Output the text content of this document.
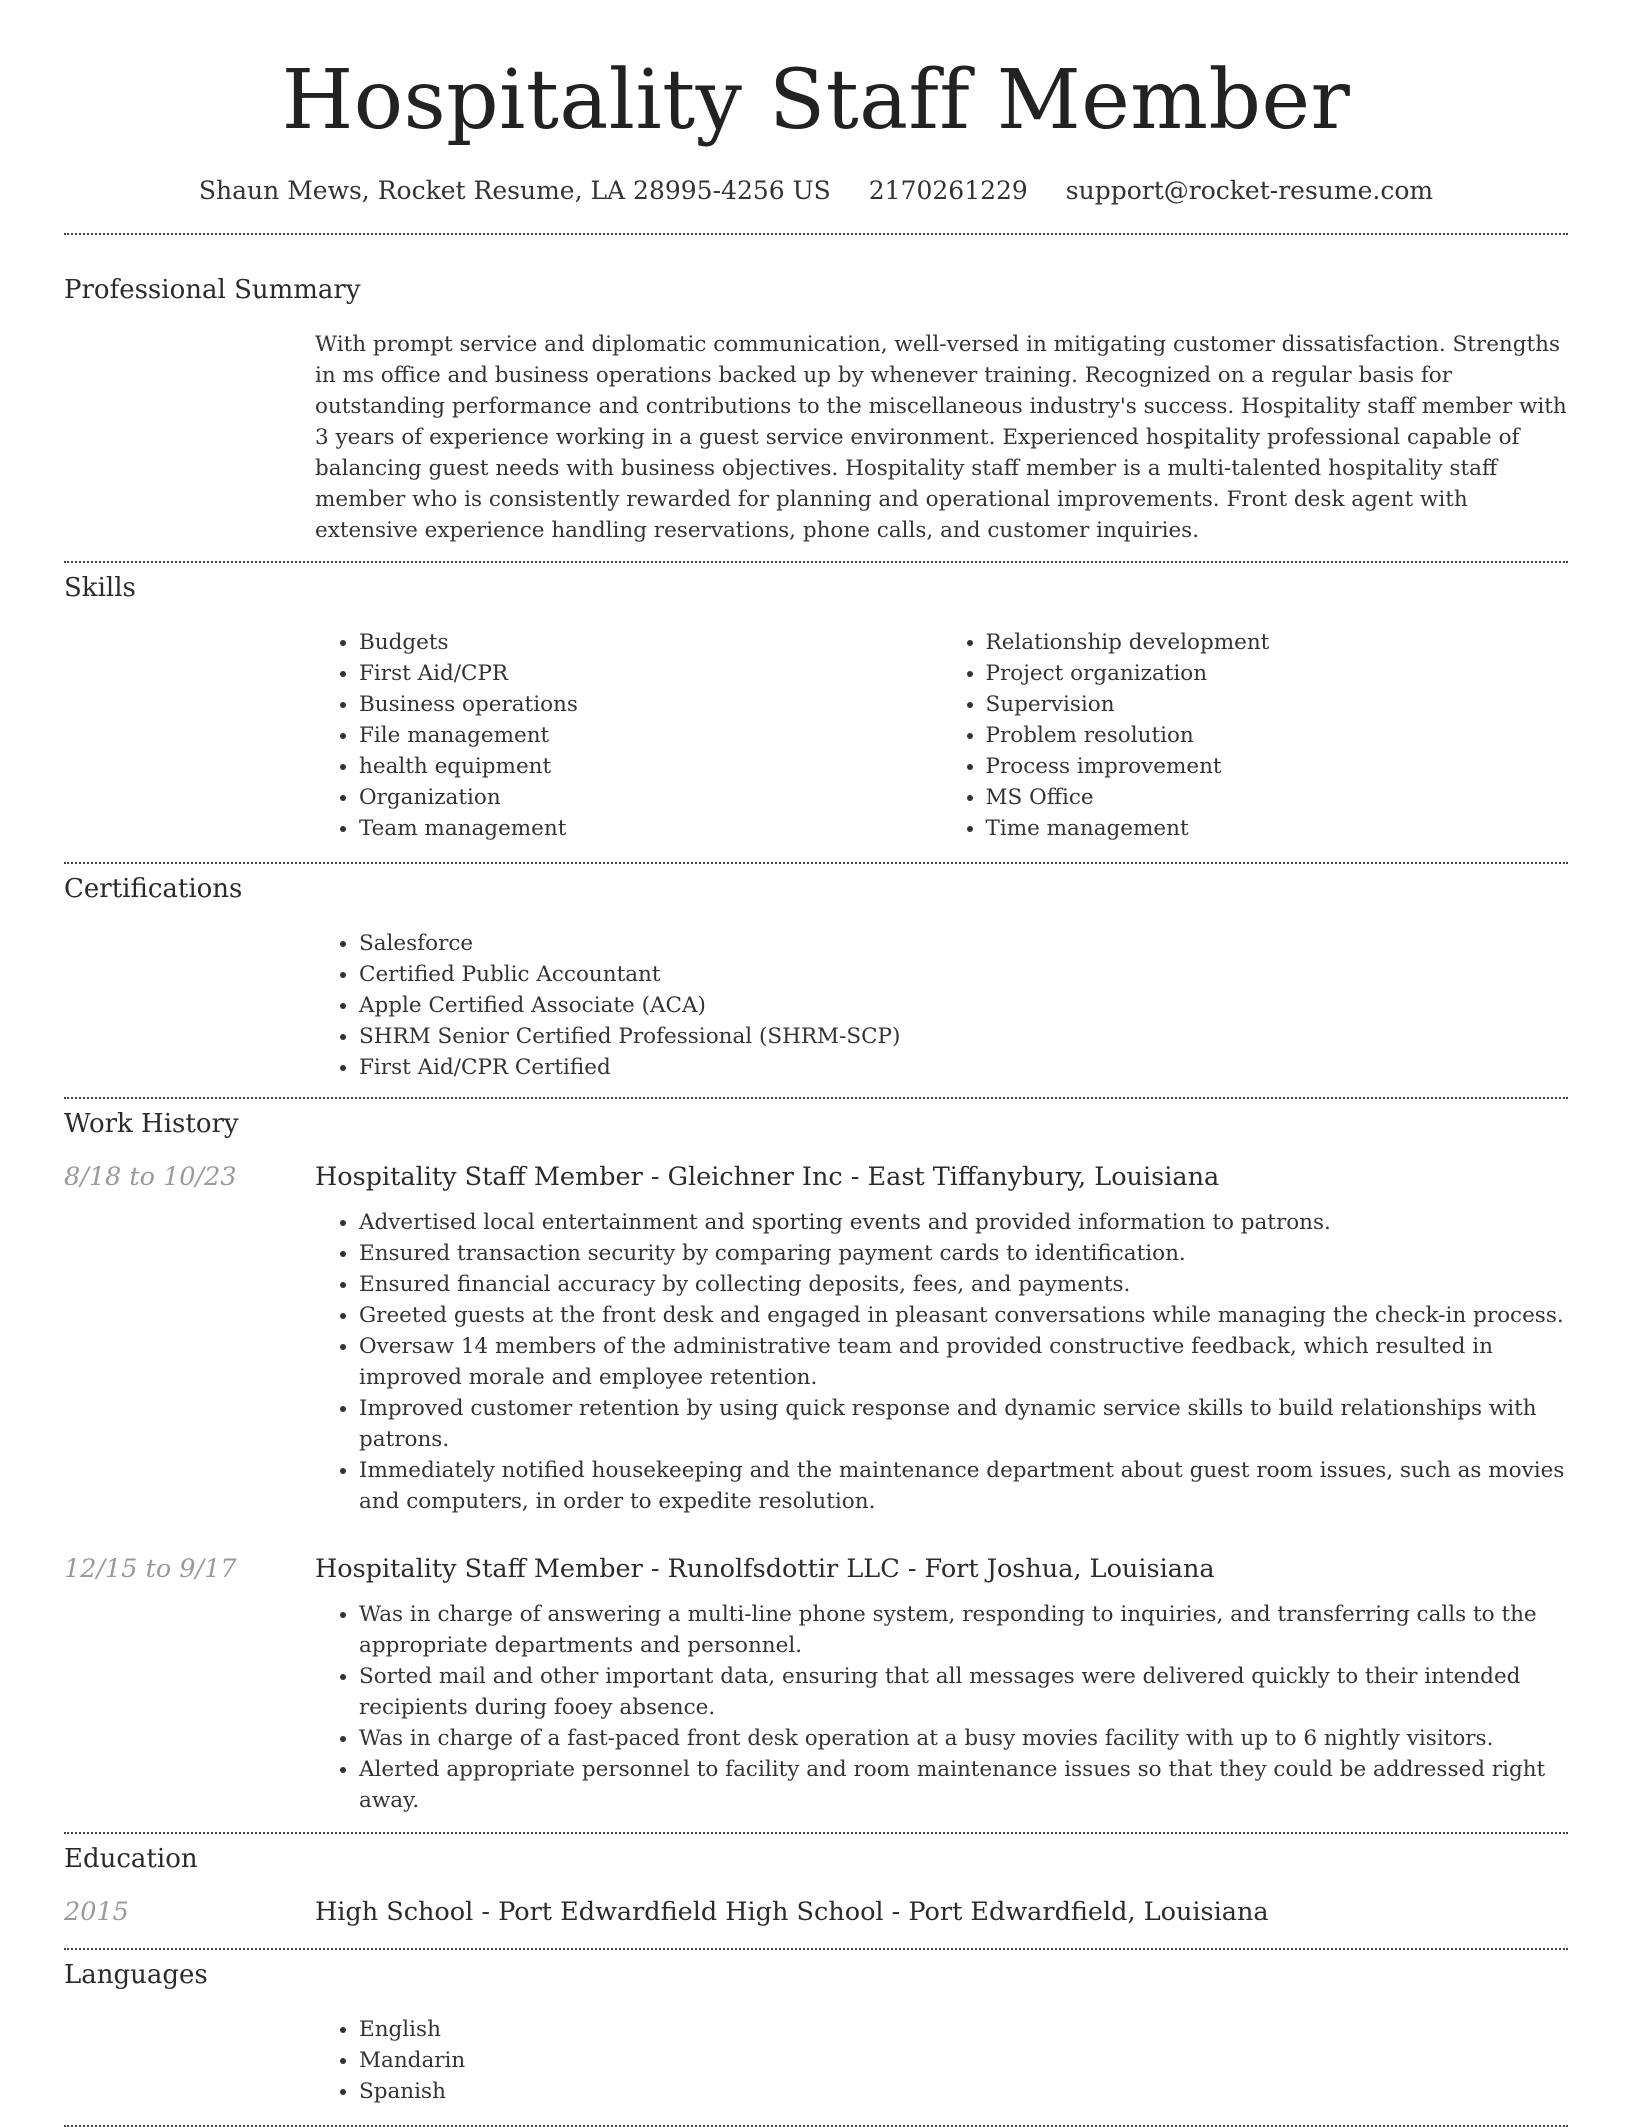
Hospitality Staff Member
Shaun Mews, Rocket Resume, LA 28995-4256 US 2170261229 support@rocket-resume.com
Professional Summary
With prompt service and diplomatic communication, well-versed in mitigating customer dissatisfaction. Strengths in ms office and business operations backed up by whenever training. Recognized on a regular basis for outstanding performance and contributions to the miscellaneous industry's success. Hospitality staff member with 3 years of experience working in a guest service environment. Experienced hospitality professional capable of balancing guest needs with business objectives. Hospitality staff member is a multi-talented hospitality staff member who is consistently rewarded for planning and operational improvements. Front desk agent with extensive experience handling reservations, phone calls, and customer inquiries.
Skills
• Budgets
• First Aid/CPR
• Business operations
• File management
• health equipment
• Organization
• Team management
• Relationship development
• Project organization
• Supervision
• Problem resolution
• Process improvement
• MS Office
• Time management
Certifications
• Salesforce
• Certified Public Accountant
• Apple Certified Associate (ACA)
• SHRM Senior Certified Professional (SHRM-SCP)
• First Aid/CPR Certified
Work History
8/18 to 10/23	Hospitality Staff Member - Gleichner Inc - East Tiffanybury, Louisiana
• Advertised local entertainment and sporting events and provided information to patrons.
• Ensured transaction security by comparing payment cards to identification.
• Ensured financial accuracy by collecting deposits, fees, and payments.
• Greeted guests at the front desk and engaged in pleasant conversations while managing the check-in process.
• Oversaw 14 members of the administrative team and provided constructive feedback, which resulted in improved morale and employee retention.
• Improved customer retention by using quick response and dynamic service skills to build relationships with patrons.
• Immediately notified housekeeping and the maintenance department about guest room issues, such as movies and computers, in order to expedite resolution.
12/15 to 9/17	Hospitality Staff Member - Runolfsdottir LLC - Fort Joshua, Louisiana
• Was in charge of answering a multi-line phone system, responding to inquiries, and transferring calls to the appropriate departments and personnel.
• Sorted mail and other important data, ensuring that all messages were delivered quickly to their intended recipients during fooey absence.
• Was in charge of a fast-paced front desk operation at a busy movies facility with up to 6 nightly visitors.
• Alerted appropriate personnel to facility and room maintenance issues so that they could be addressed right away.
Education
2015	High School - Port Edwardfield High School - Port Edwardfield, Louisiana
Languages
• English
• Mandarin
• Spanish
